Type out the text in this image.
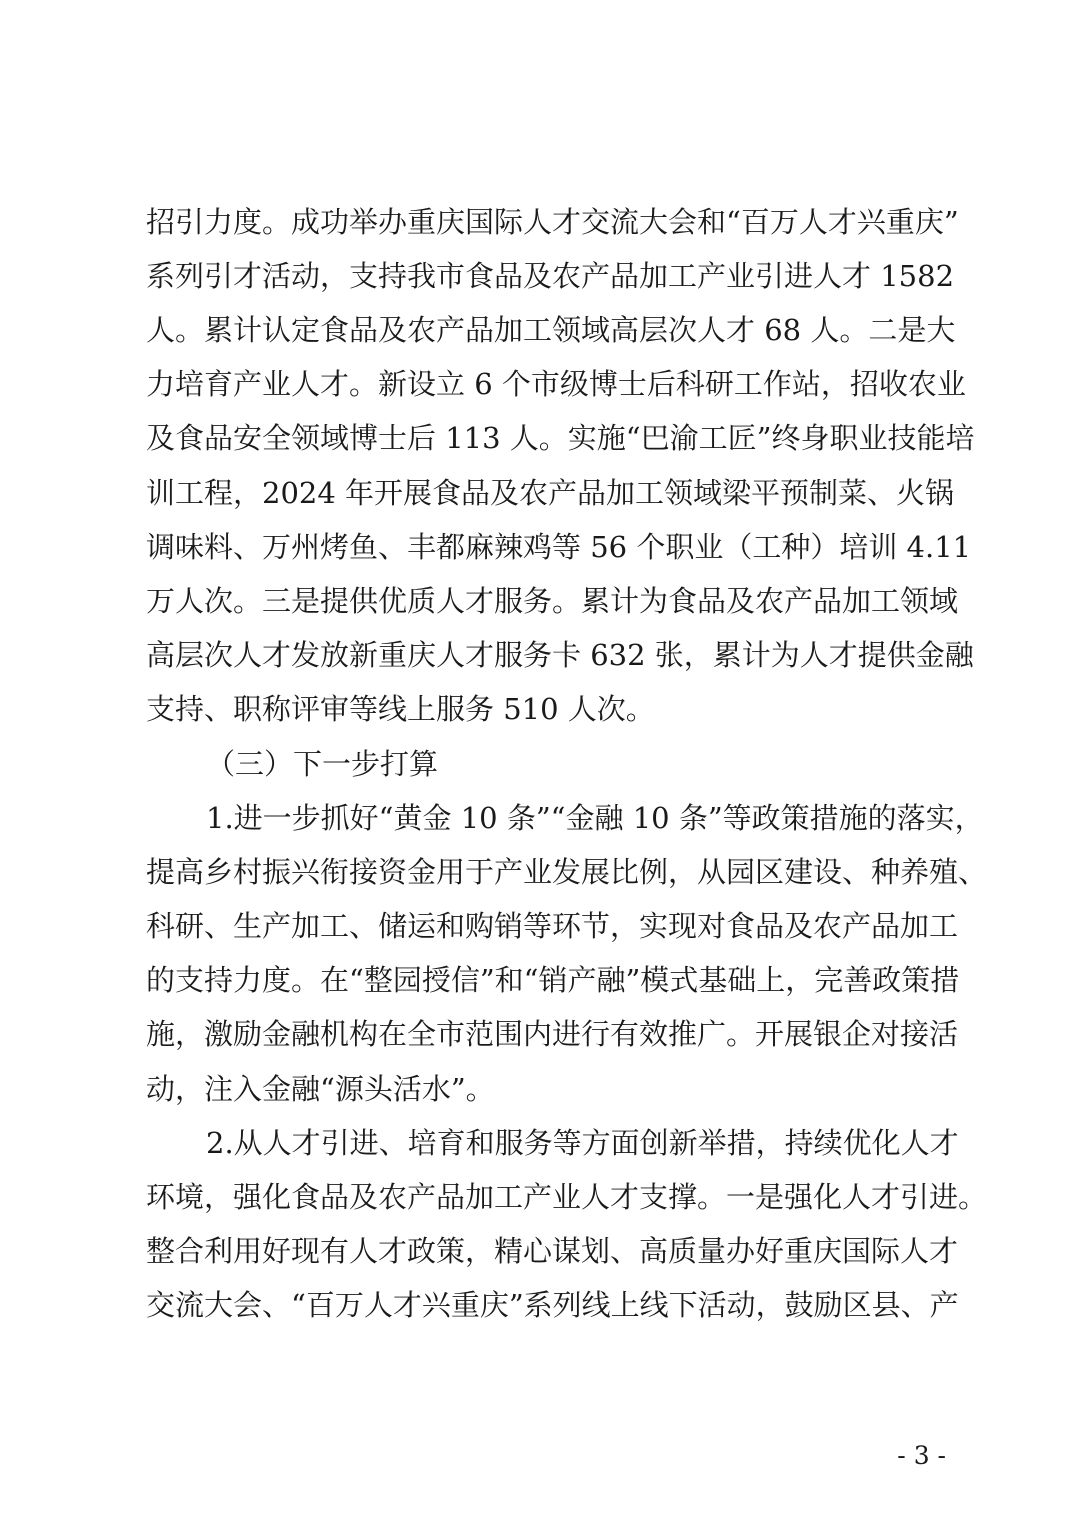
招引力度。成功举办重庆国际人才交流大会和“百万人才兴重庆”
系列引才活动，支持我市食品及农产品加工产业引进人才 1582
人。累计认定食品及农产品加工领域高层次人才 68 人。二是大
力培育产业人才。新设立 6 个市级博士后科研工作站，招收农业
及食品安全领域博士后 113 人。实施“巴渝工匠”终身职业技能培
训工程，2024 年开展食品及农产品加工领域梁平预制菜、火锅
调味料、万州烤鱼、丰都麻辣鸡等 56 个职业（工种）培训 4.11
万人次。三是提供优质人才服务。累计为食品及农产品加工领域
高层次人才发放新重庆人才服务卡 632 张，累计为人才提供金融
支持、职称评审等线上服务 510 人次。
（三）下一步打算
1.进一步抓好“黄金 10 条”“金融 10 条”等政策措施的落实，
提高乡村振兴衔接资金用于产业发展比例，从园区建设、种养殖、
科研、生产加工、储运和购销等环节，实现对食品及农产品加工
的支持力度。在“整园授信”和“销产融”模式基础上，完善政策措
施，激励金融机构在全市范围内进行有效推广。开展银企对接活
动，注入金融“源头活水”。
2.从人才引进、培育和服务等方面创新举措，持续优化人才
环境，强化食品及农产品加工产业人才支撑。一是强化人才引进。
整合利用好现有人才政策，精心谋划、高质量办好重庆国际人才
交流大会、“百万人才兴重庆”系列线上线下活动，鼓励区县、产
- 3 -
